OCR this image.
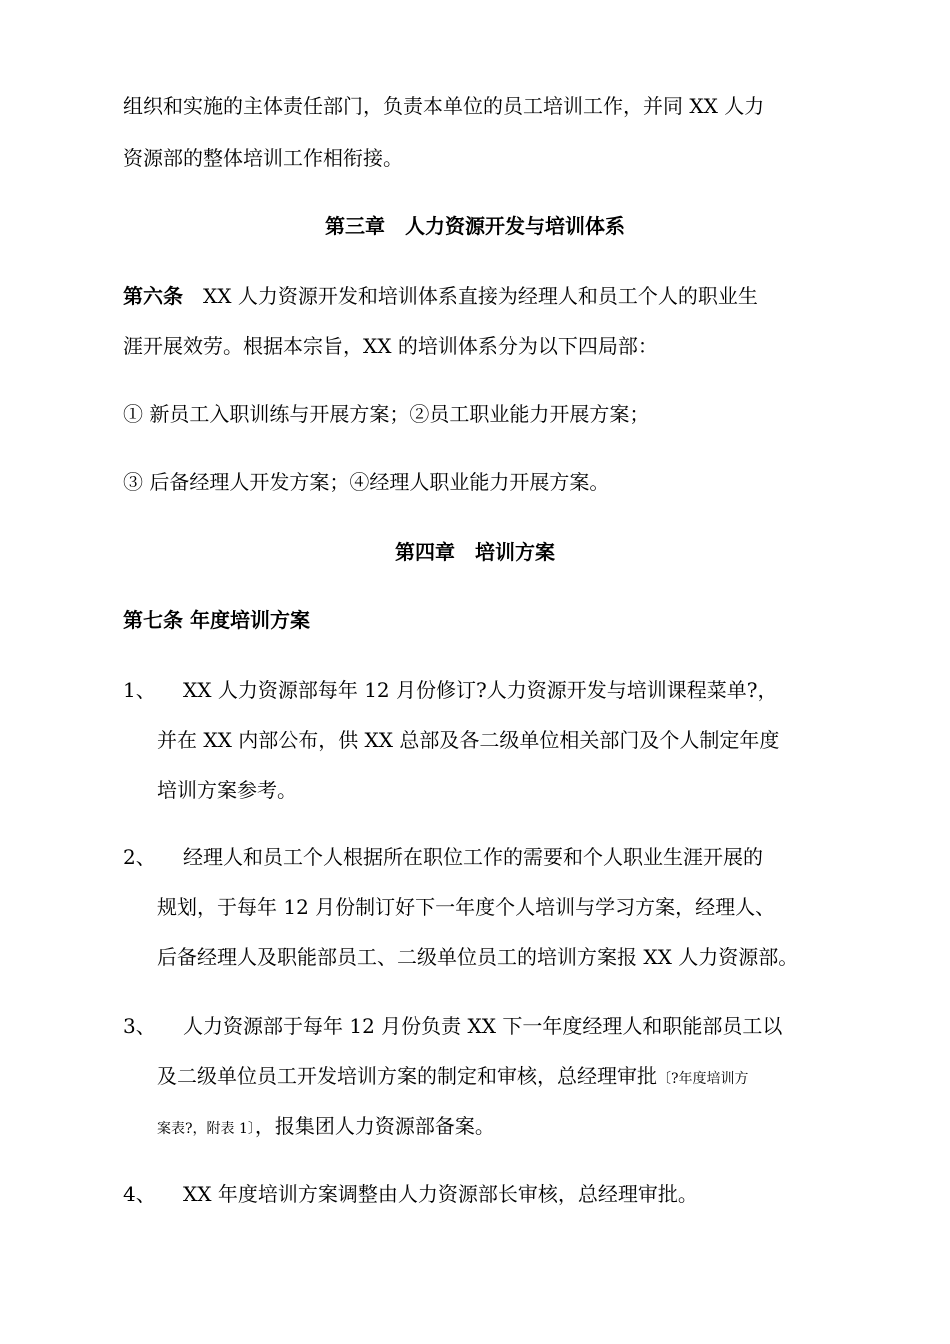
组织和实施的主体责任部门，负责本单位的员工培训工作，并同 XX 人力
资源部的整体培训工作相衔接。
第三章　人力资源开发与培训体系
第六条　XX 人力资源开发和培训体系直接为经理人和员工个人的职业生
涯开展效劳。根据本宗旨，XX 的培训体系分为以下四局部：
① 新员工入职训练与开展方案；②员工职业能力开展方案；
③ 后备经理人开发方案；④经理人职业能力开展方案。
第四章　培训方案
第七条 年度培训方案
1、 XX 人力资源部每年 12 月份修订?人力资源开发与培训课程菜单?，
并在 XX 内部公布，供 XX 总部及各二级单位相关部门及个人制定年度
培训方案参考。
2、 经理人和员工个人根据所在职位工作的需要和个人职业生涯开展的
规划，于每年 12 月份制订好下一年度个人培训与学习方案，经理人、
后备经理人及职能部员工、二级单位员工的培训方案报 XX 人力资源部。
3、 人力资源部于每年 12 月份负责 XX 下一年度经理人和职能部员工以
及二级单位员工开发培训方案的制定和审核，总经理审批〔?年度培训方
案表?，附表 1〕，报集团人力资源部备案。
4、 XX 年度培训方案调整由人力资源部长审核，总经理审批。
